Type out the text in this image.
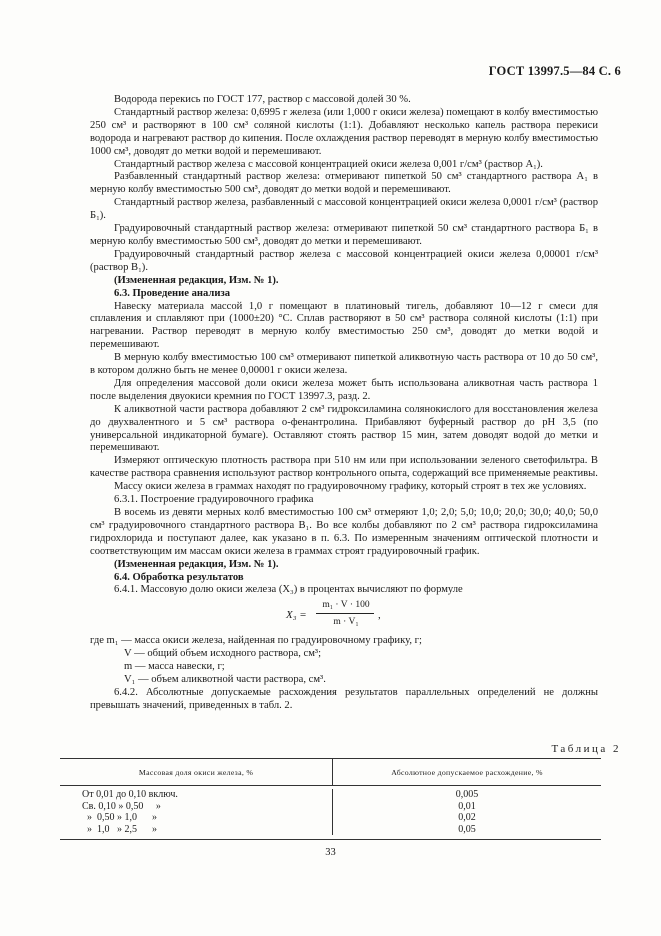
ГОСТ 13997.5—84 С. 6

Водорода перекись по ГОСТ 177, раствор с массовой долей 30 %.

Стандартный раствор железа: 0,6995 г железа (или 1,000 г окиси железа) помещают в колбу вместимостью 250 см³ и растворяют в 100 см³ соляной кислоты (1:1). Добавляют несколько капель раствора перекиси водорода и нагревают раствор до кипения. После охлаждения раствор переводят в мерную колбу вместимостью 1000 см³, доводят до метки водой и перемешивают.

Стандартный раствор железа с массовой концентрацией окиси железа 0,001 г/см³ (раствор А₁).

Разбавленный стандартный раствор железа: отмеривают пипеткой 50 см³ стандартного раствора А₁ в мерную колбу вместимостью 500 см³, доводят до метки водой и перемешивают.

Стандартный раствор железа, разбавленный с массовой концентрацией окиси железа 0,0001 г/см³ (раствор Б₁).

Градуировочный стандартный раствор железа: отмеривают пипеткой 50 см³ стандартного раствора Б₁ в мерную колбу вместимостью 500 см³, доводят до метки и перемешивают.

Градуировочный стандартный раствор железа с массовой концентрацией окиси железа 0,00001 г/см³ (раствор В₁).

(Измененная редакция, Изм. № 1).

6.3. Проведение анализа

Навеску материала массой 1,0 г помещают в платиновый тигель, добавляют 10—12 г смеси для сплавления и сплавляют при (1000±20) °С. Сплав растворяют в 50 см³ раствора соляной кислоты (1:1) при нагревании. Раствор переводят в мерную колбу вместимостью 250 см³, доводят до метки водой и перемешивают.

В мерную колбу вместимостью 100 см³ отмеривают пипеткой аликвотную часть раствора от 10 до 50 см³, в котором должно быть не менее 0,00001 г окиси железа.

Для определения массовой доли окиси железа может быть использована аликвотная часть раствора 1 после выделения двуокиси кремния по ГОСТ 13997.3, разд. 2.

К аликвотной части раствора добавляют 2 см³ гидроксиламина солянокислого для восстановления железа до двухвалентного и 5 см³ раствора о-фенантролина. Прибавляют буферный раствор до pH 3,5 (по универсальной индикаторной бумаге). Оставляют стоять раствор 15 мин, затем доводят водой до метки и перемешивают.

Измеряют оптическую плотность раствора при 510 нм или при использовании зеленого светофильтра. В качестве раствора сравнения используют раствор контрольного опыта, содержащий все применяемые реактивы.

Массу окиси железа в граммах находят по градуировочному графику, который строят в тех же условиях.

6.3.1. Построение градуировочного графика

В восемь из девяти мерных колб вместимостью 100 см³ отмеряют 1,0; 2,0; 5,0; 10,0; 20,0; 30,0; 40,0; 50,0 см³ градуировочного стандартного раствора В₁. Во все колбы добавляют по 2 см³ раствора гидроксиламина гидрохлорида и поступают далее, как указано в п. 6.3. По измеренным значениям оптической плотности и соответствующим им массам окиси железа в граммах строят градуировочный график.

(Измененная редакция, Изм. № 1).

6.4. Обработка результатов

6.4.1. Массовую долю окиси железа (X₃) в процентах вычисляют по формуле

X₃ =
m₁ · V · 100
m · V₁
,

где m₁ — масса окиси железа, найденная по градуировочному графику, г;

V — общий объем исходного раствора, см³;

m — масса навески, г;

V₁ — объем аликвотной части раствора, см³.

6.4.2. Абсолютные допускаемые расхождения результатов параллельных определений не должны превышать значений, приведенных в табл. 2.

Таблица 2
Массовая доля окиси железа, %	Абсолютное допускаемое расхождение, %
От 0,01 до 0,10 включ.
Св. 0,10 » 0,50     »
»  0,50 » 1,0      »
»  1,0   » 2,5      »
0,005
0,01
0,02
0,05
33
